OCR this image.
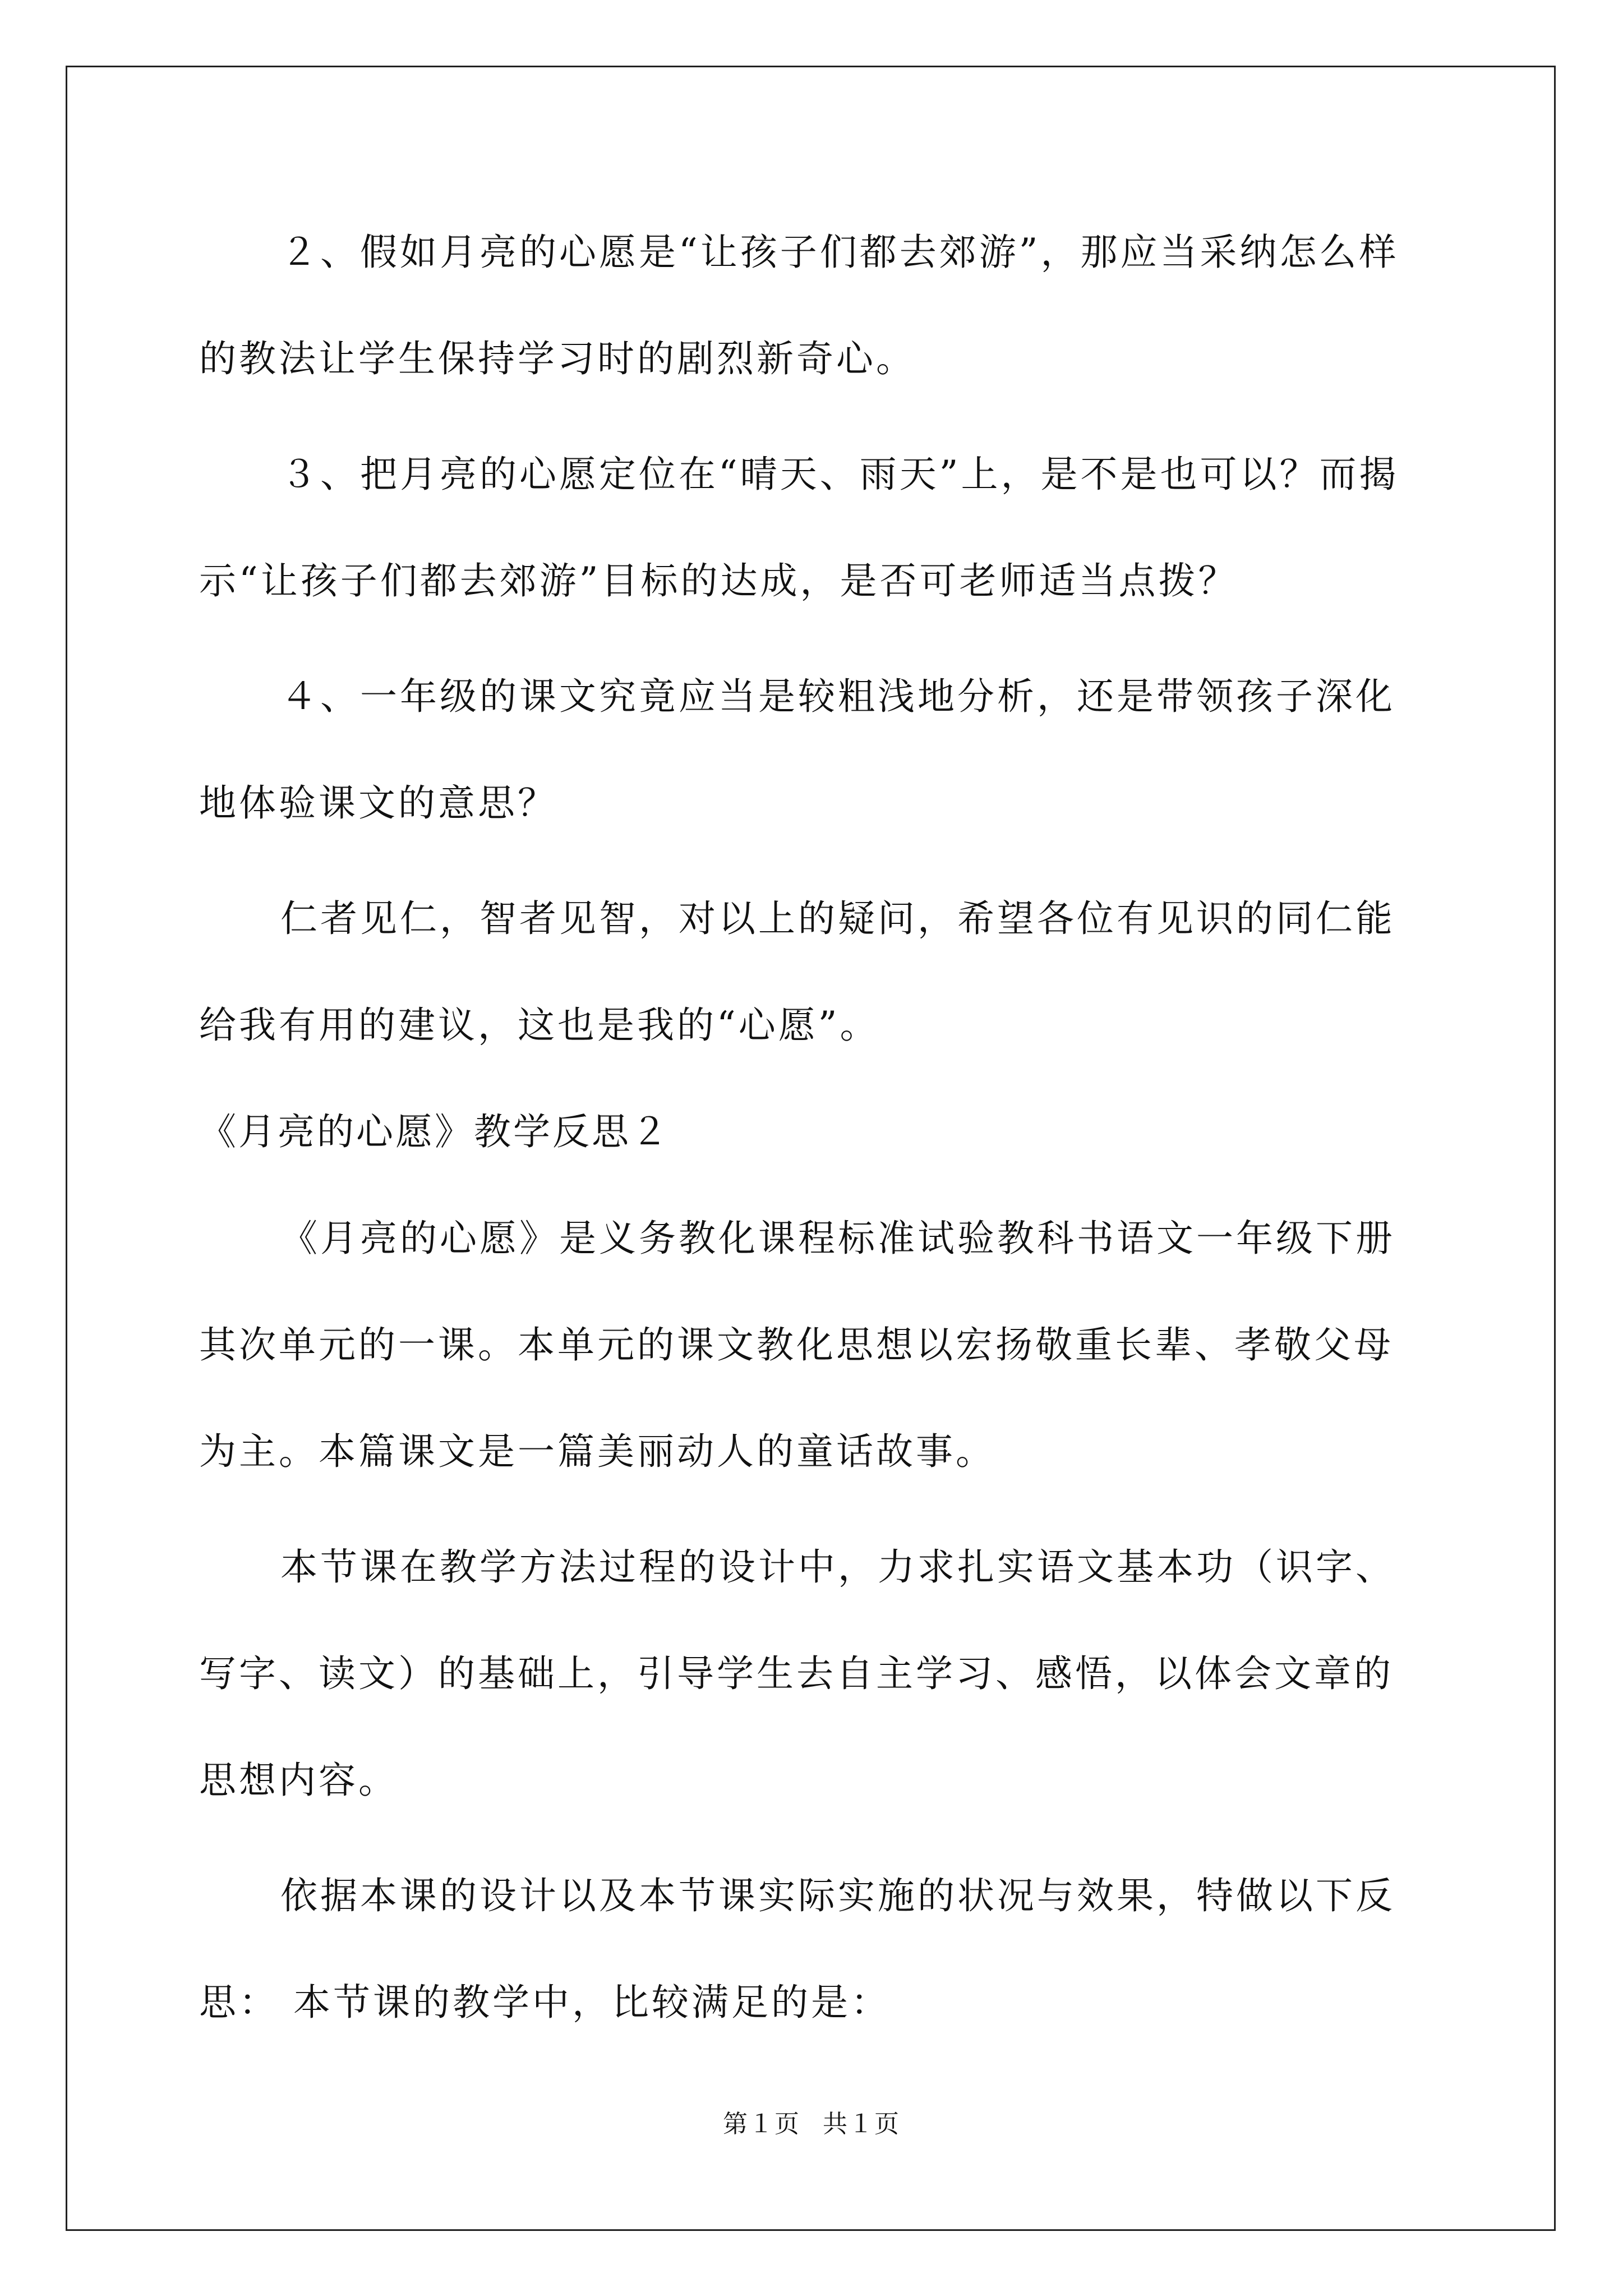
２、假如月亮的心愿是“让孩子们都去郊游”，那应当采纳怎么样的教法让学生保持学习时的剧烈新奇心。

３、把月亮的心愿定位在“晴天、雨天”上，是不是也可以？而揭示“让孩子们都去郊游”目标的达成，是否可老师适当点拨？

４、一年级的课文究竟应当是较粗浅地分析，还是带领孩子深化地体验课文的意思？

仁者见仁，智者见智，对以上的疑问，希望各位有见识的同仁能给我有用的建议，这也是我的“心愿”。

《月亮的心愿》教学反思２

《月亮的心愿》是义务教化课程标准试验教科书语文一年级下册其次单元的一课。本单元的课文教化思想以宏扬敬重长辈、孝敬父母为主。本篇课文是一篇美丽动人的童话故事。

本节课在教学方法过程的设计中，力求扎实语文基本功（识字、写字、读文）的基础上，引导学生去自主学习、感悟，以体会文章的思想内容。

依据本课的设计以及本节课实际实施的状况与效果，特做以下反思： 本节课的教学中，比较满足的是：

第１页 共１页
